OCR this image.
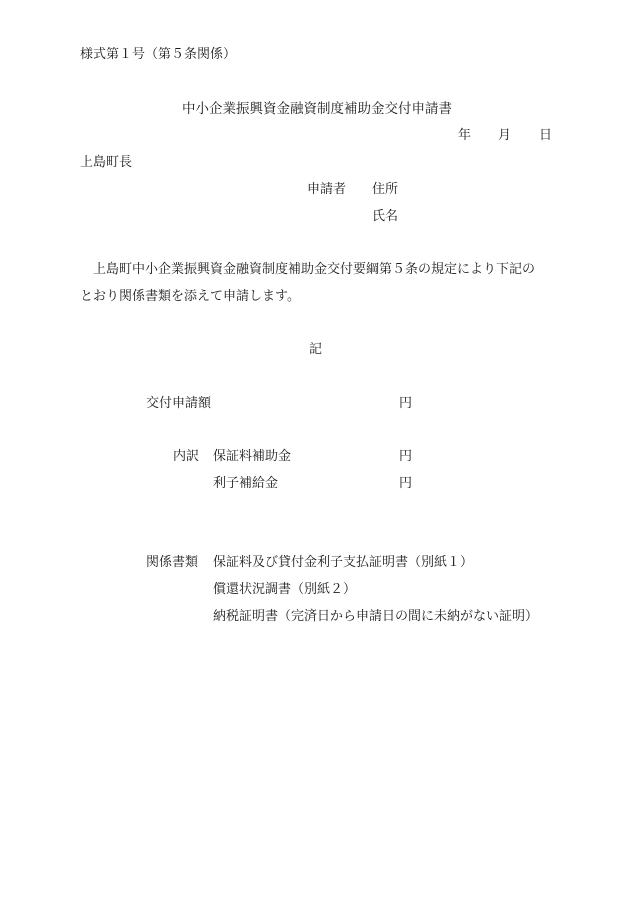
様式第１号（第５条関係）
中小企業振興資金融資制度補助金交付申請書
年 月 日
上島町長
申請者 住所
氏名
上島町中小企業振興資金融資制度補助金交付要綱第５条の規定により下記の
とおり関係書類を添えて申請します。
記
交付申請額	円
内訳 保証料補助金	円
利子補給金	円
関係書類 保証料及び貸付金利子支払証明書（別紙１）
償還状況調書（別紙２）
納税証明書（完済日から申請日の間に未納がない証明）
